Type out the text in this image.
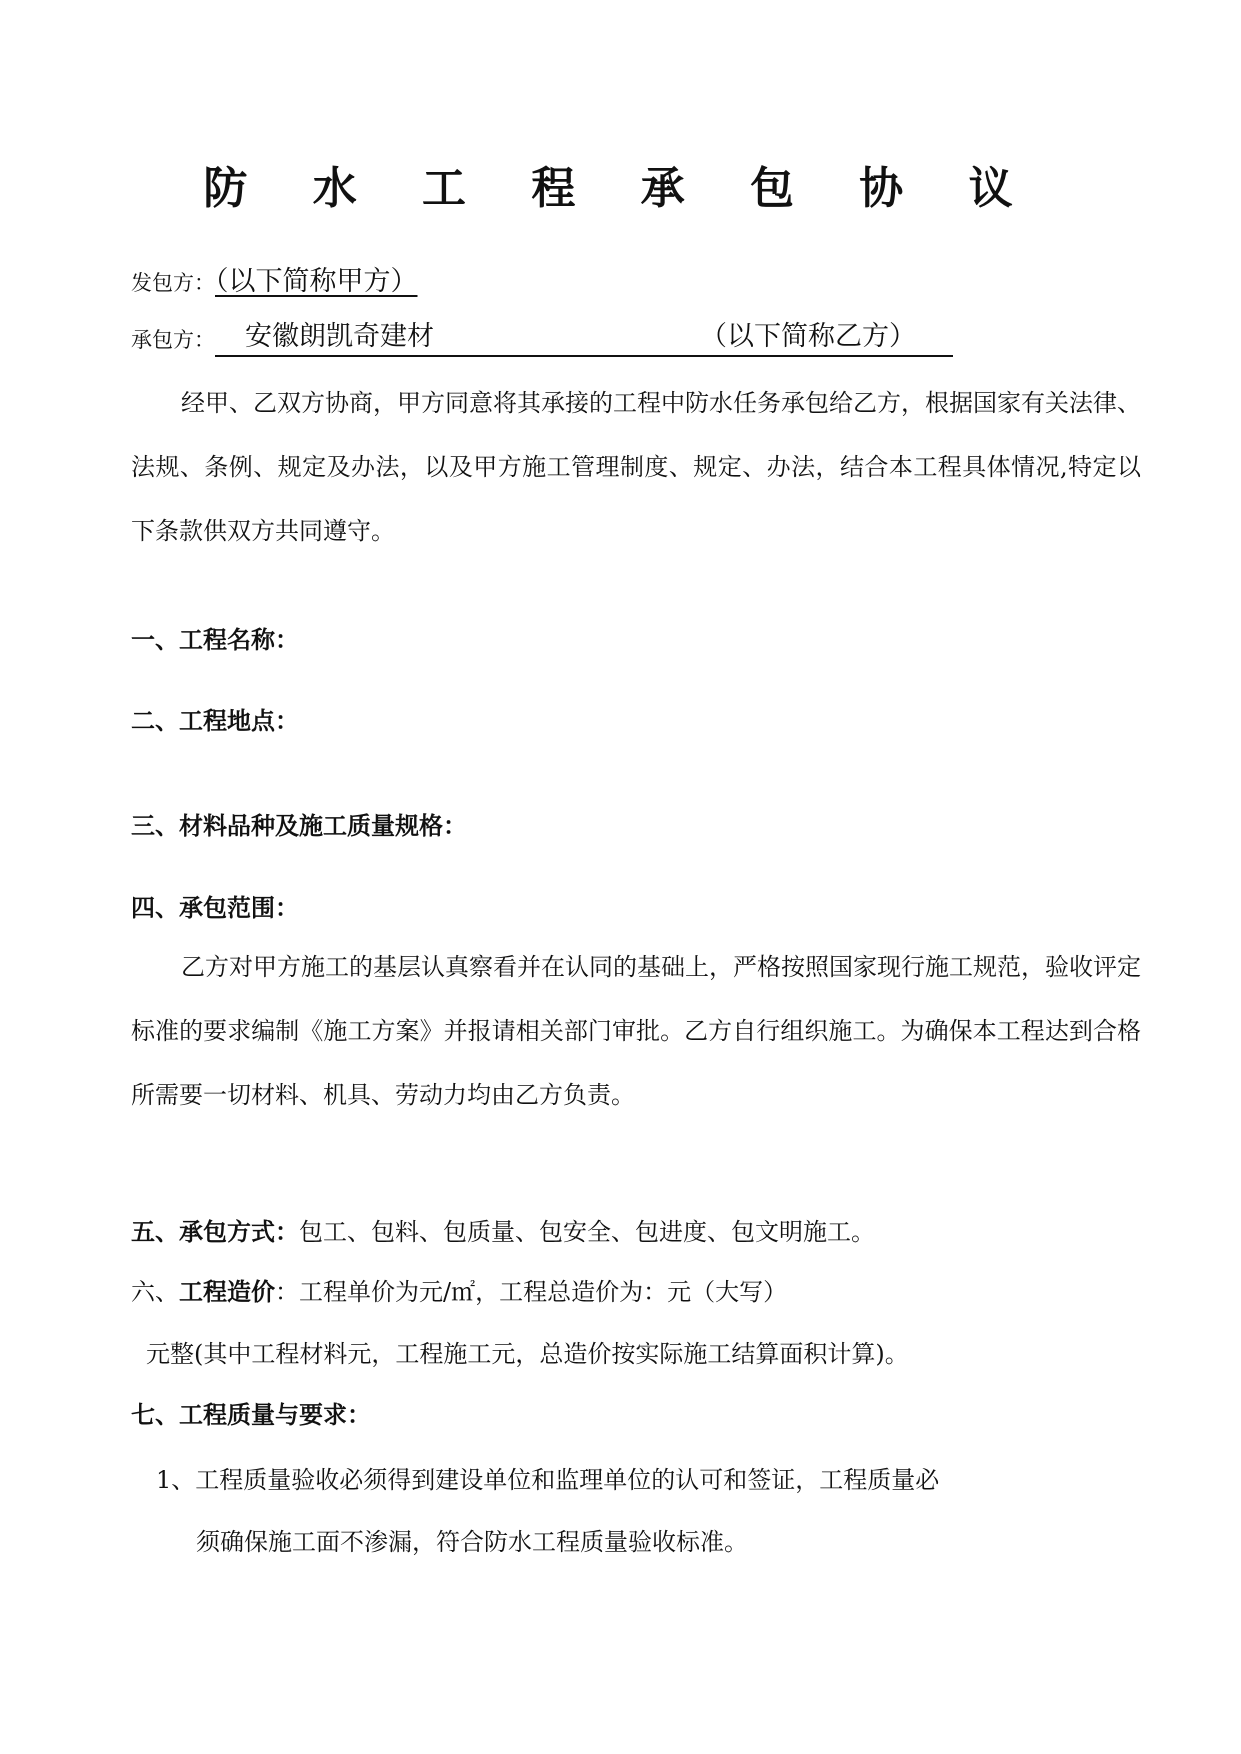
防 水 工 程 承 包 协 议
发包方：（以下简称甲方）
承包方： 安徽朗凯奇建材	（以下简称乙方）
经甲、乙双方协商，甲方同意将其承接的工程中防水任务承包给乙方，根据国家有关法律、法规、条例、规定及办法，以及甲方施工管理制度、规定、办法，结合本工程具体情况,特定以下条款供双方共同遵守。
一、工程名称：
二、工程地点：
三、材料品种及施工质量规格：
四、承包范围：
乙方对甲方施工的基层认真察看并在认同的基础上，严格按照国家现行施工规范，验收评定标准的要求编制《施工方案》并报请相关部门审批。乙方自行组织施工。为确保本工程达到合格所需要一切材料、机具、劳动力均由乙方负责。
五、承包方式：包工、包料、包质量、包安全、包进度、包文明施工。
六、工程造价：工程单价为元/㎡，工程总造价为：元（大写）
元整(其中工程材料元，工程施工元，总造价按实际施工结算面积计算)。
七、工程质量与要求：
1、工程质量验收必须得到建设单位和监理单位的认可和签证，工程质量必
须确保施工面不渗漏，符合防水工程质量验收标准。
